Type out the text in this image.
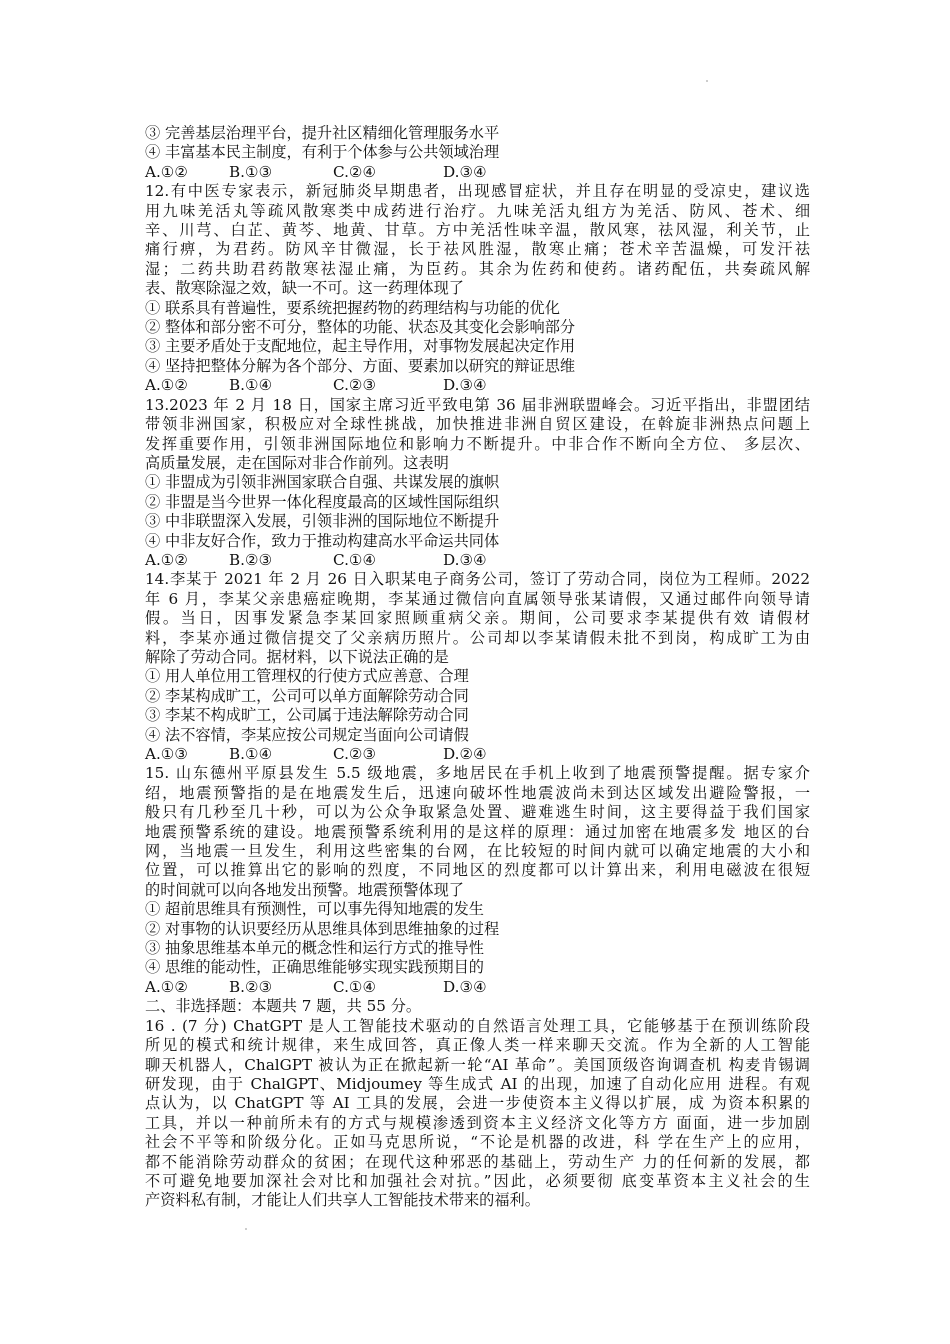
③ 完善基层治理平台，提升社区精细化管理服务水平
④ 丰富基本民主制度，有利于个体参与公共领域治理
A.①②	B.①③	C.②④	D.③④
12.有中医专家表示，新冠肺炎早期患者，出现感冒症状，并且存在明显的受凉史，建议选
用九味羌活丸等疏风散寒类中成药进行治疗。九味羌活丸组方为羌活、防风、苍术、细
辛、川芎、白芷、黄芩、地黄、甘草。方中羌活性味辛温，散风寒，祛风湿，利关节，止
痛行痹，为君药。防风辛甘微湿，长于祛风胜湿，散寒止痛；苍术辛苦温燥，可发汗祛
湿；二药共助君药散寒祛湿止痛，为臣药。其余为佐药和使药。诸药配伍，共奏疏风解
表、散寒除湿之效，缺一不可。这一药理体现了
① 联系具有普遍性，要系统把握药物的药理结构与功能的优化
② 整体和部分密不可分，整体的功能、状态及其变化会影响部分
③ 主要矛盾处于支配地位，起主导作用，对事物发展起决定作用
④ 坚持把整体分解为各个部分、方面、要素加以研究的辩证思维
A.①②	B.①④	C.②③	D.③④
13.2023 年 2 月 18 日，国家主席习近平致电第 36 届非洲联盟峰会。习近平指出，非盟团结
带领非洲国家，积极应对全球性挑战，加快推进非洲自贸区建设，在斡旋非洲热点问题上
发挥重要作用，引领非洲国际地位和影响力不断提升。中非合作不断向全方位、 多层次、
高质量发展，走在国际对非合作前列。这表明
① 非盟成为引领非洲国家联合自强、共谋发展的旗帜
② 非盟是当今世界一体化程度最高的区域性国际组织
③ 中非联盟深入发展，引领非洲的国际地位不断提升
④ 中非友好合作，致力于推动构建高水平命运共同体
A.①②	B.②③	C.①④	D.③④
14.李某于 2021 年 2 月 26 日入职某电子商务公司，签订了劳动合同，岗位为工程师。2022
年 6 月，李某父亲患癌症晚期，李某通过微信向直属领导张某请假，又通过邮件向领导请
假。当日，因事发紧急李某回家照顾重病父亲。期间，公司要求李某提供有效 请假材
料，李某亦通过微信提交了父亲病历照片。公司却以李某请假未批不到岗，构成旷工为由
解除了劳动合同。据材料，以下说法正确的是
① 用人单位用工管理权的行使方式应善意、合理
② 李某构成旷工，公司可以单方面解除劳动合同
③ 李某不构成旷工，公司属于违法解除劳动合同
④ 法不容情，李某应按公司规定当面向公司请假
A.①③	B.①④	C.②③	D.②④
15. 山东德州平原县发生 5.5 级地震，多地居民在手机上收到了地震预警提醒。据专家介
绍，地震预警指的是在地震发生后，迅速向破坏性地震波尚未到达区域发出避险警报，一
般只有几秒至几十秒，可以为公众争取紧急处置、避难逃生时间，这主要得益于我们国家
地震预警系统的建设。地震预警系统利用的是这样的原理：通过加密在地震多发 地区的台
网，当地震一旦发生，利用这些密集的台网，在比较短的时间内就可以确定地震的大小和
位置，可以推算出它的影响的烈度，不同地区的烈度都可以计算出来，利用电磁波在很短
的时间就可以向各地发出预警。地震预警体现了
① 超前思维具有预测性，可以事先得知地震的发生
② 对事物的认识要经历从思维具体到思维抽象的过程
③ 抽象思维基本单元的概念性和运行方式的推导性
④ 思维的能动性，正确思维能够实现实践预期目的
A.①②	B.②③	C.①④	D.③④
二、非选择题：本题共 7 题，共 55 分。
16 . (7 分) ChatGPT 是人工智能技术驱动的自然语言处理工具，它能够基于在预训练阶段
所见的模式和统计规律，来生成回答，真正像人类一样来聊天交流。作为全新的人工智能
聊天机器人，ChalGPT 被认为正在掀起新一轮“AI 革命”。美国顶级咨询调查机 构麦肯锡调
研发现，由于 ChalGPT、Midjoumey 等生成式 AI 的出现，加速了自动化应用 进程。有观
点认为，以 ChatGPT 等 AI 工具的发展，会进一步使资本主义得以扩展，成 为资本积累的
工具，并以一种前所未有的方式与规模渗透到资本主义经济文化等方方 面面，进一步加剧
社会不平等和阶级分化。正如马克思所说，“不论是机器的改进，科 学在生产上的应用，
都不能消除劳动群众的贫困；在现代这种邪恶的基础上，劳动生产 力的任何新的发展，都
不可避免地要加深社会对比和加强社会对抗。”因此，必须要彻 底变革资本主义社会的生
产资料私有制，才能让人们共享人工智能技术带来的福利。
